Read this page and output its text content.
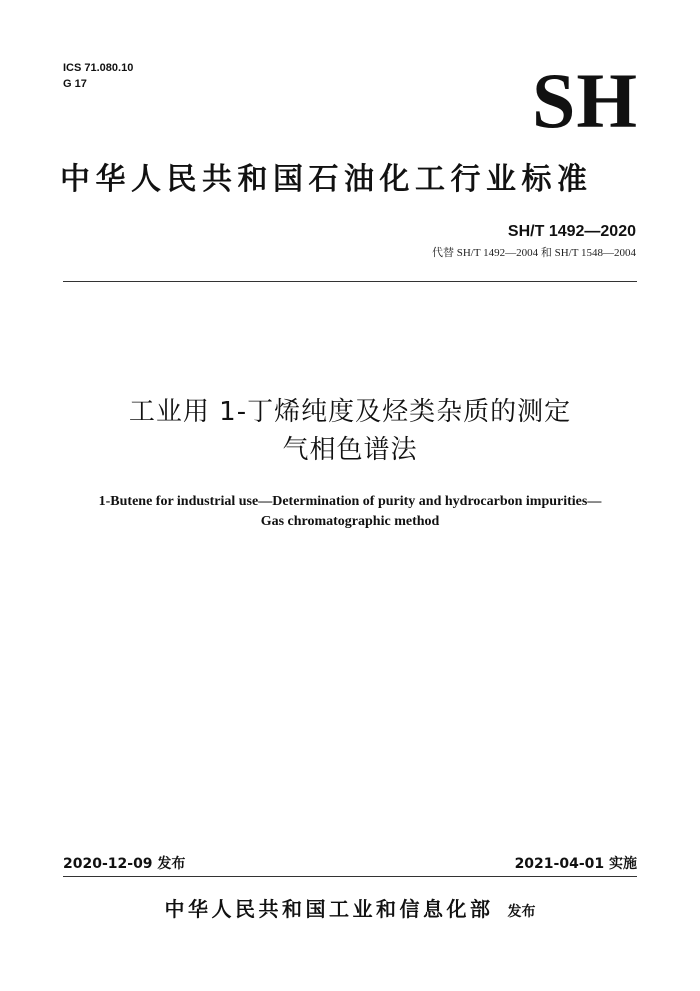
ICS 71.080.10
G 17	SH
中华人民共和国石油化工行业标准
SH/T 1492—2020
代替 SH/T 1492—2004 和 SH/T 1548—2004
工业用 1-丁烯纯度及烃类杂质的测定
气相色谱法
1-Butene for industrial use—Determination of purity and hydrocarbon impurities—
Gas chromatographic method
2020-12-09 发布	2021-04-01 实施
中华人民共和国工业和信息化部 发布
